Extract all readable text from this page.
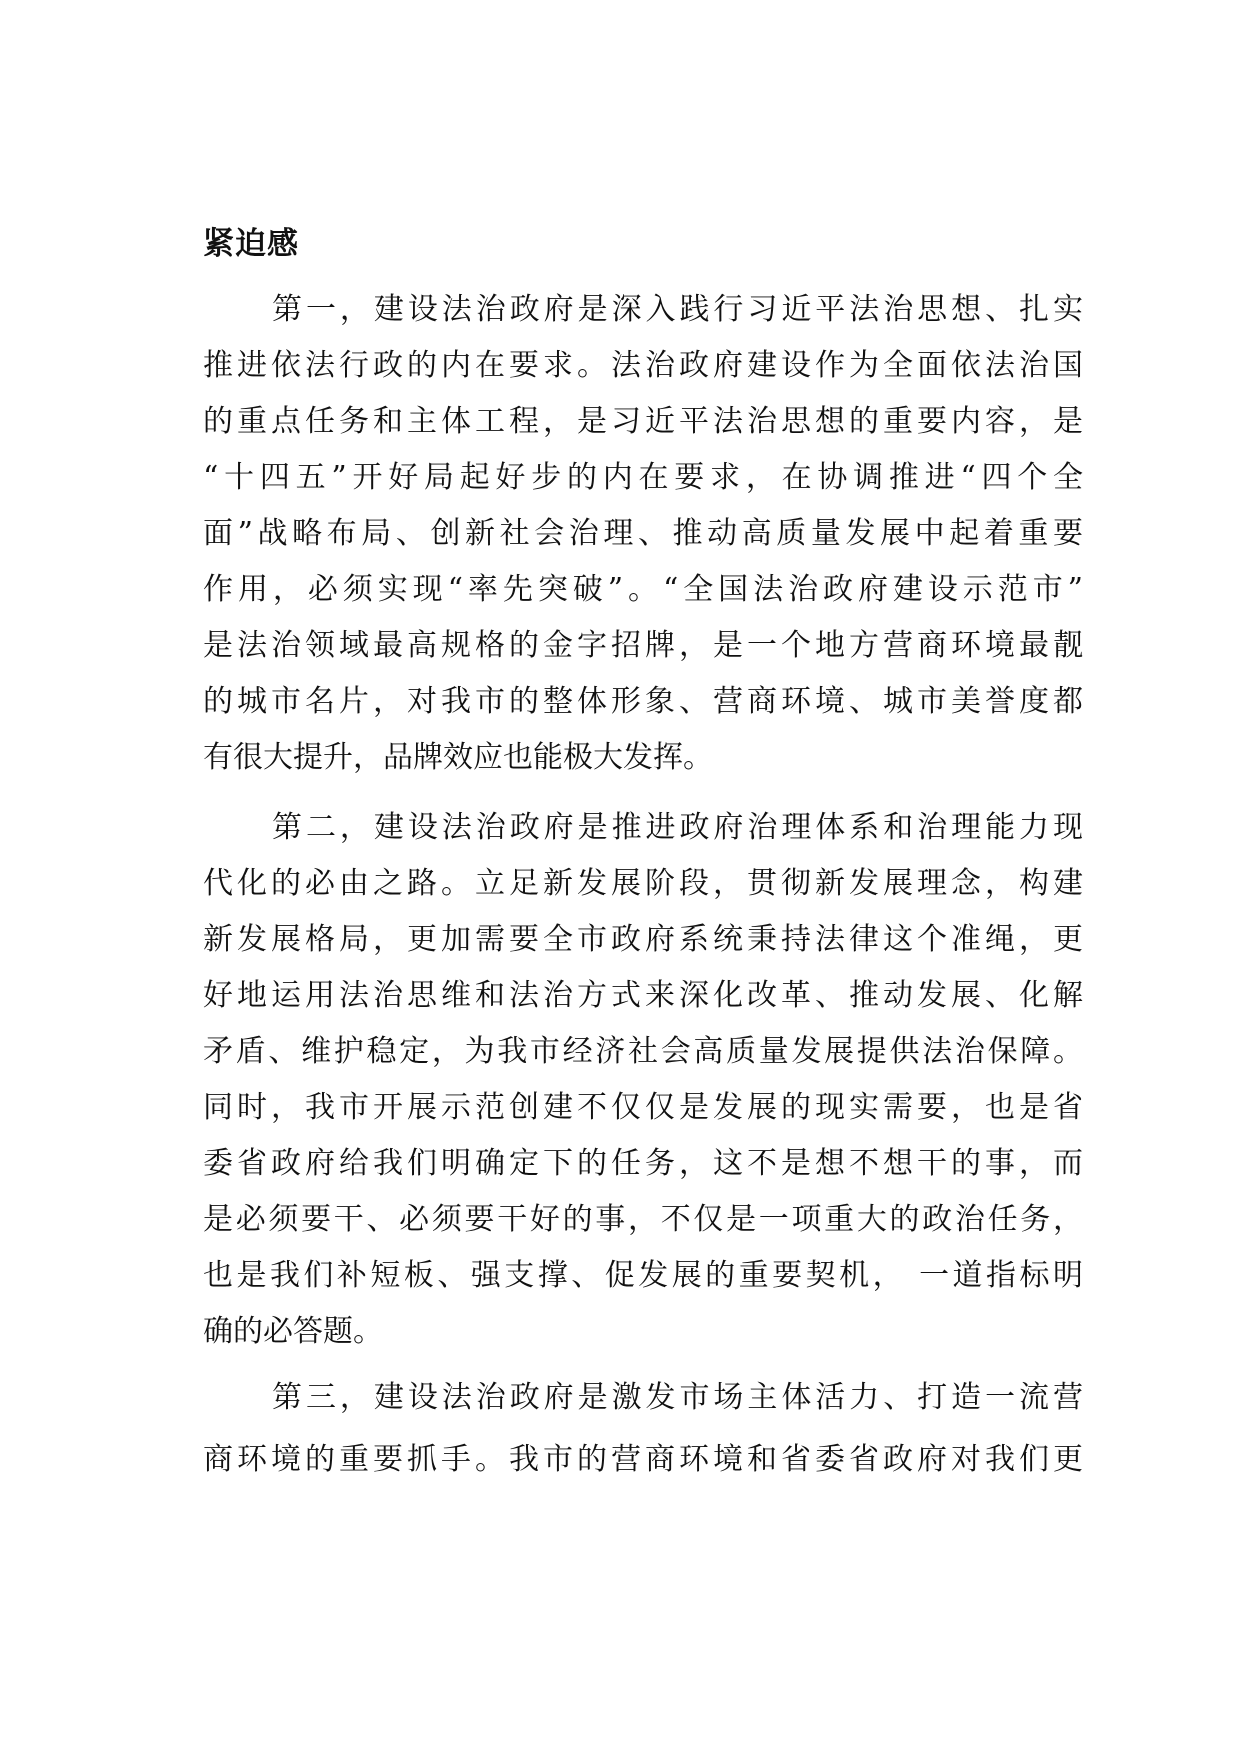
紧迫感

第一，建设法治政府是深入践行习近平法治思想、扎实

推进依法行政的内在要求。法治政府建设作为全面依法治国

的重点任务和主体工程，是习近平法治思想的重要内容，是

“十四五”开好局起好步的内在要求，在协调推进“四个全

面”战略布局、创新社会治理、推动高质量发展中起着重要

作用，必须实现“率先突破”。“全国法治政府建设示范市”

是法治领域最高规格的金字招牌，是一个地方营商环境最靓

的城市名片，对我市的整体形象、营商环境、城市美誉度都

有很大提升，品牌效应也能极大发挥。

第二，建设法治政府是推进政府治理体系和治理能力现

代化的必由之路。立足新发展阶段，贯彻新发展理念，构建

新发展格局，更加需要全市政府系统秉持法律这个准绳，更

好地运用法治思维和法治方式来深化改革、推动发展、化解

矛盾、维护稳定，为我市经济社会高质量发展提供法治保障。

同时，我市开展示范创建不仅仅是发展的现实需要，也是省

委省政府给我们明确定下的任务，这不是想不想干的事，而

是必须要干、必须要干好的事，不仅是一项重大的政治任务，

也是我们补短板、强支撑、促发展的重要契机， 一道指标明

确的必答题。

第三，建设法治政府是激发市场主体活力、打造一流营

商环境的重要抓手。我市的营商环境和省委省政府对我们更
